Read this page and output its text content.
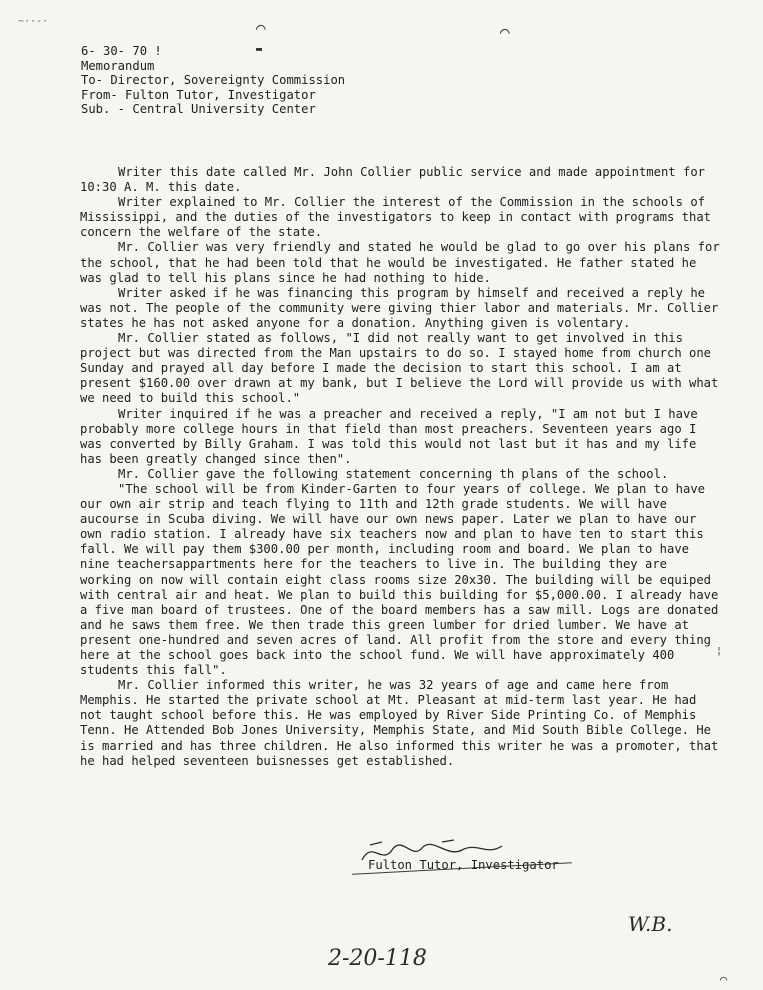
~··-·	⌒	⌒
▬
6- 30- 70 !
Memorandum
To- Director, Sovereignty Commission
From- Fulton Tutor, Investigator
Sub. - Central University Center

Writer this date called Mr. John Collier public service and made appointment for 10:30 A. M. this date.

Writer explained to Mr. Collier the interest of the Commission in the schools of Mississippi, and the duties of the investigators to keep in contact with programs that concern the welfare of the state.

Mr. Collier was very friendly and stated he would be glad to go over his plans for the school, that he had been told that he would be investigated. He father stated he was glad to tell his plans since he had nothing to hide.

Writer asked if he was financing this program by himself and received a reply he was not. The people of the community were giving thier labor and materials. Mr. Collier states he has not asked anyone for a donation. Anything given is volentary.

Mr. Collier stated as follows, "I did not really want to get involved in this project but was directed from the Man upstairs to do so. I stayed home from church one Sunday and prayed all day before I made the decision to start this school. I am at present $160.00 over drawn at my bank, but I believe the Lord will provide us with what we need to build this school."

Writer inquired if he was a preacher and received a reply, "I am not but I have probably more college hours in that field than most preachers. Seventeen years ago I was converted by Billy Graham. I was told this would not last but it has and my life has been greatly changed since then".

Mr. Collier gave the following statement concerning th plans of the school.

"The school will be from Kinder-Garten to four years of college. We plan to have our own air strip and teach flying to 11th and 12th grade students. We will have aucourse in Scuba diving. We will have our own news paper. Later we plan to have our own radio station. I already have six teachers now and plan to have ten to start this fall. We will pay them $300.00 per month, including room and board. We plan to have nine teachersappartments here for the teachers to live in. The building they are working on now will contain eight class rooms size 20x30. The building will be equiped with central air and heat. We plan to build this building for $5,000.00. I already have a five man board of trustees. One of the board members has a saw mill. Logs are donated and he saws them free. We then trade this green lumber for dried lumber. We have at present one-hundred and seven acres of land. All profit from the store and every thing here at the school goes back into the school fund. We will have approximately 400 students this fall".

Mr. Collier informed this writer, he was 32 years of age and came here from Memphis. He started the private school at Mt. Pleasant at mid-term last year. He had not taught school before this. He was employed by River Side Printing Co. of Memphis Tenn. He Attended Bob Jones University, Memphis State, and Mid South Bible College. He is married and has three children. He also informed this writer he was a promoter, that he had helped seventeen buisnesses get established.

Fulton Tutor, Investigator
W.B.
2-20-118
¦
⌒
